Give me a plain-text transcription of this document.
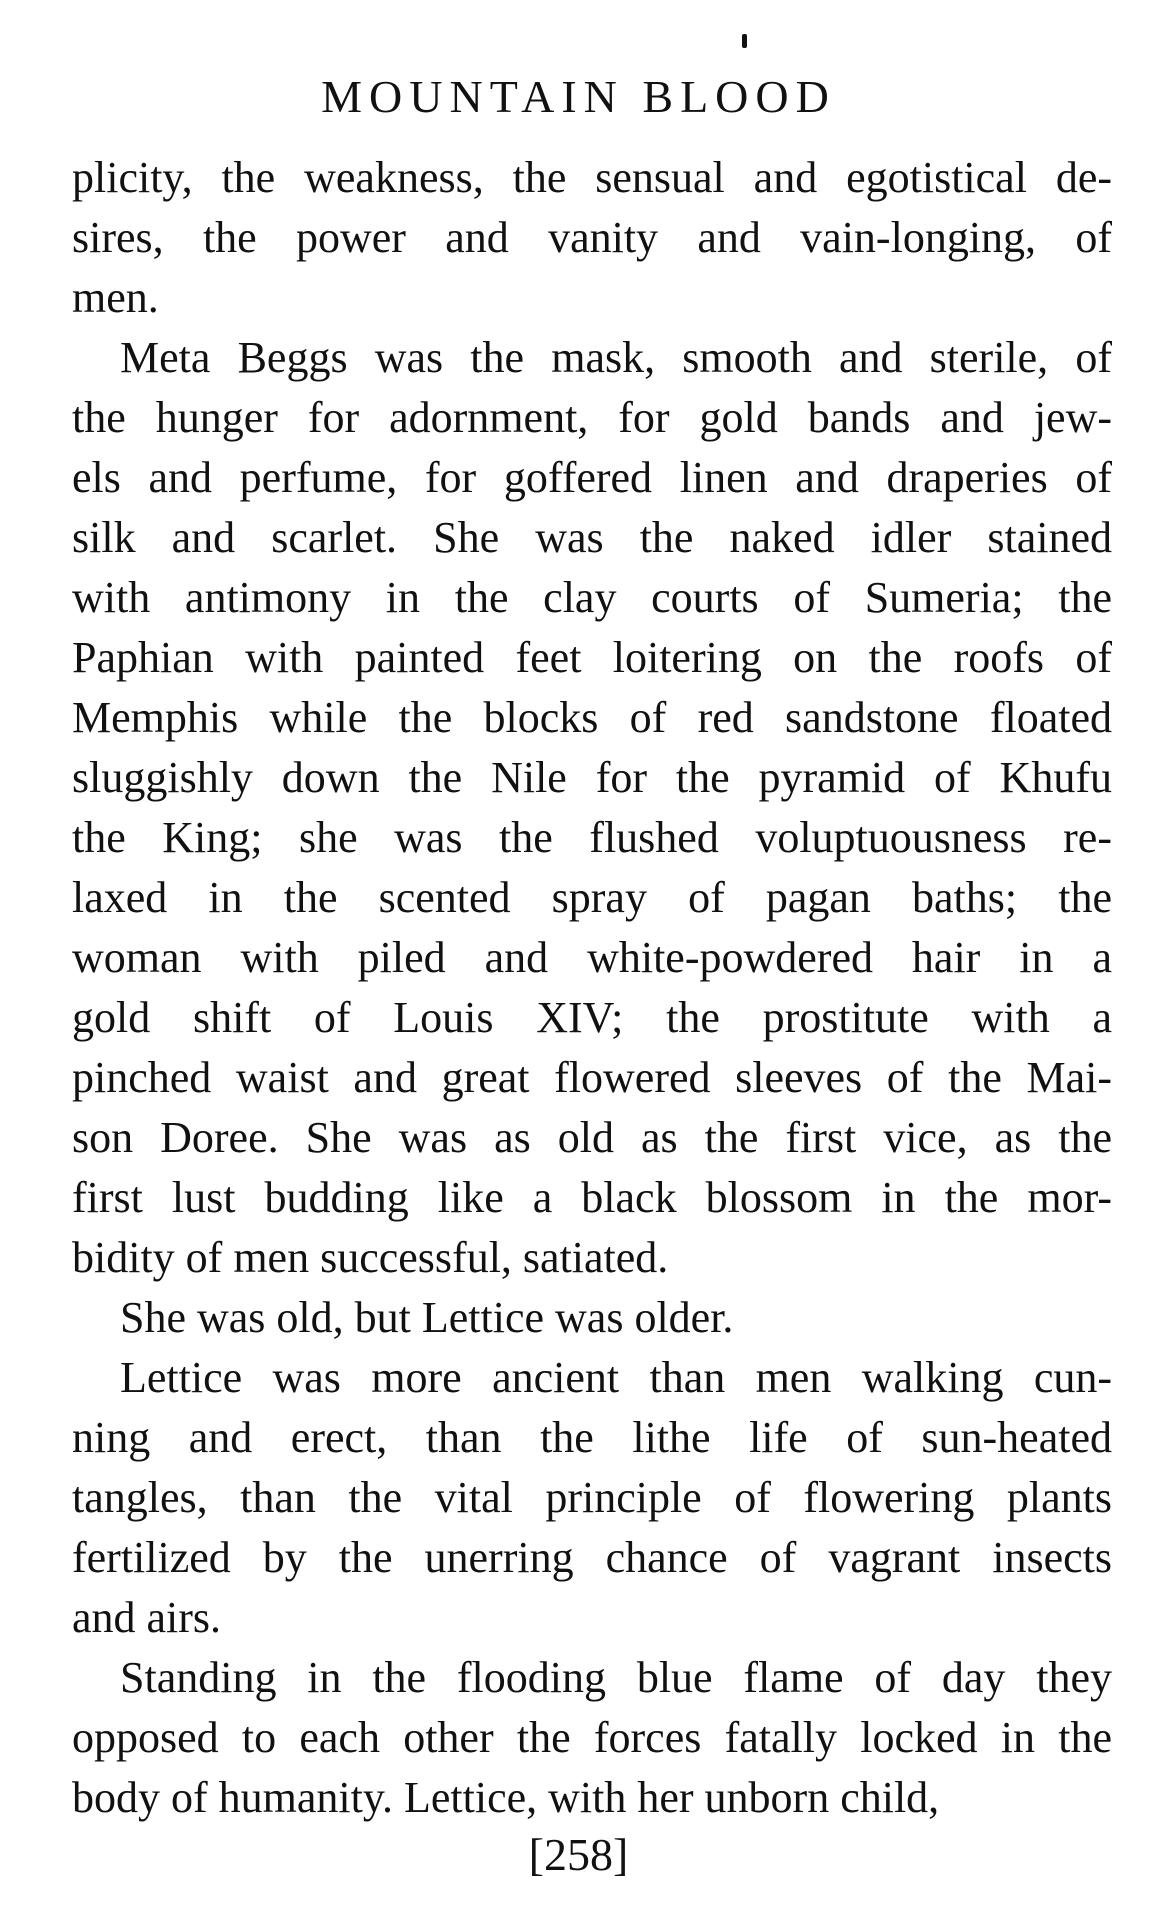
MOUNTAIN BLOOD
plicity, the weakness, the sensual and egotistical de-
sires, the power and vanity and vain-longing, of
men.
Meta Beggs was the mask, smooth and sterile, of
the hunger for adornment, for gold bands and jew-
els and perfume, for goffered linen and draperies of
silk and scarlet. She was the naked idler stained
with antimony in the clay courts of Sumeria; the
Paphian with painted feet loitering on the roofs of
Memphis while the blocks of red sandstone floated
sluggishly down the Nile for the pyramid of Khufu
the King; she was the flushed voluptuousness re-
laxed in the scented spray of pagan baths; the
woman with piled and white-powdered hair in a
gold shift of Louis XIV; the prostitute with a
pinched waist and great flowered sleeves of the Mai-
son Doree. She was as old as the first vice, as the
first lust budding like a black blossom in the mor-
bidity of men successful, satiated.
She was old, but Lettice was older.
Lettice was more ancient than men walking cun-
ning and erect, than the lithe life of sun-heated
tangles, than the vital principle of flowering plants
fertilized by the unerring chance of vagrant insects
and airs.
Standing in the flooding blue flame of day they
opposed to each other the forces fatally locked in the
body of humanity. Lettice, with her unborn child,
[258]
